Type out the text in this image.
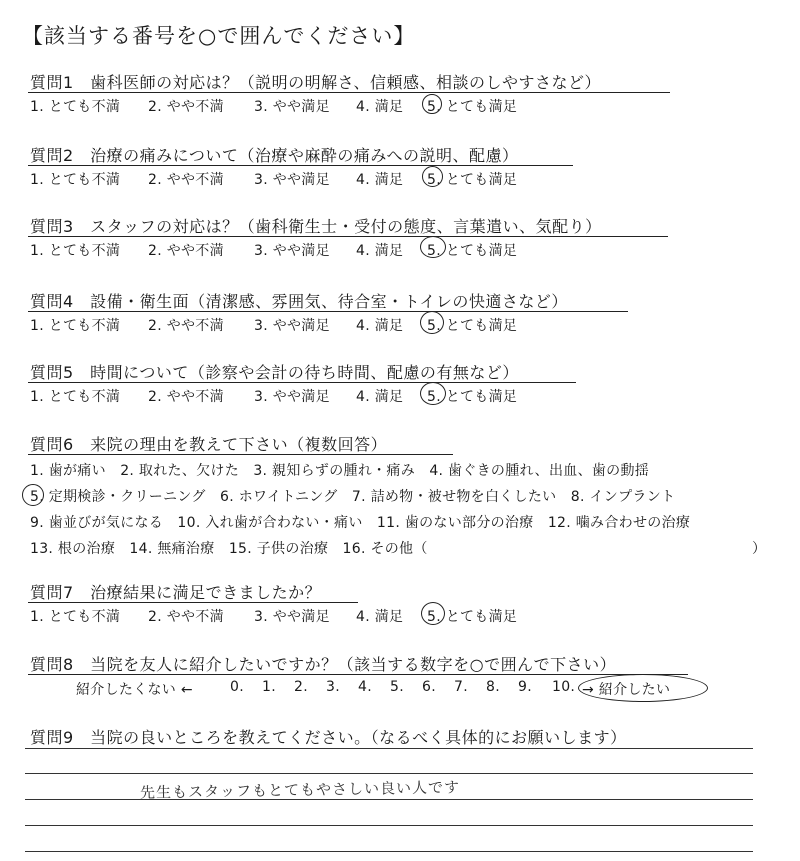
【該当する番号を○で囲んでください】
質問1　歯科医師の対応は？（説明の明解さ、信頼感、相談のしやすさなど）
1. とても不満 2. やや不満 3. やや満足 4. 満足 5. とても満足
質問2　治療の痛みについて（治療や麻酔の痛みへの説明、配慮）
1. とても不満 2. やや不満 3. やや満足 4. 満足 5. とても満足
質問3　スタッフの対応は？（歯科衛生士・受付の態度、言葉遣い、気配り）
1. とても不満 2. やや不満 3. やや満足 4. 満足 5. とても満足
質問4　設備・衛生面（清潔感、雰囲気、待合室・トイレの快適さなど）
1. とても不満 2. やや不満 3. やや満足 4. 満足 5. とても満足
質問5　時間について（診察や会計の待ち時間、配慮の有無など）
1. とても不満 2. やや不満 3. やや満足 4. 満足 5. とても満足
質問6　来院の理由を教えて下さい（複数回答）
1. 歯が痛い　2. 取れた、欠けた　3. 親知らずの腫れ・痛み　4. 歯ぐきの腫れ、出血、歯の動揺
5. 定期検診・クリーニング　6. ホワイトニング　7. 詰め物・被せ物を白くしたい　8. インプラント
9. 歯並びが気になる　10. 入れ歯が合わない・痛い　11. 歯のない部分の治療　12. 噛み合わせの治療
13. 根の治療　14. 無痛治療　15. 子供の治療　16. その他（	）
質問7　治療結果に満足できましたか？
1. とても不満 2. やや不満 3. やや満足 4. 満足 5. とても満足
質問8　当院を友人に紹介したいですか？（該当する数字を○で囲んで下さい）
紹介したくない ←	0. 1. 2. 3. 4. 5. 6. 7. 8. 9. 10. → 紹介したい
質問9　当院の良いところを教えてください。（なるべく具体的にお願いします）
先生もスタッフもとてもやさしい良い人です
